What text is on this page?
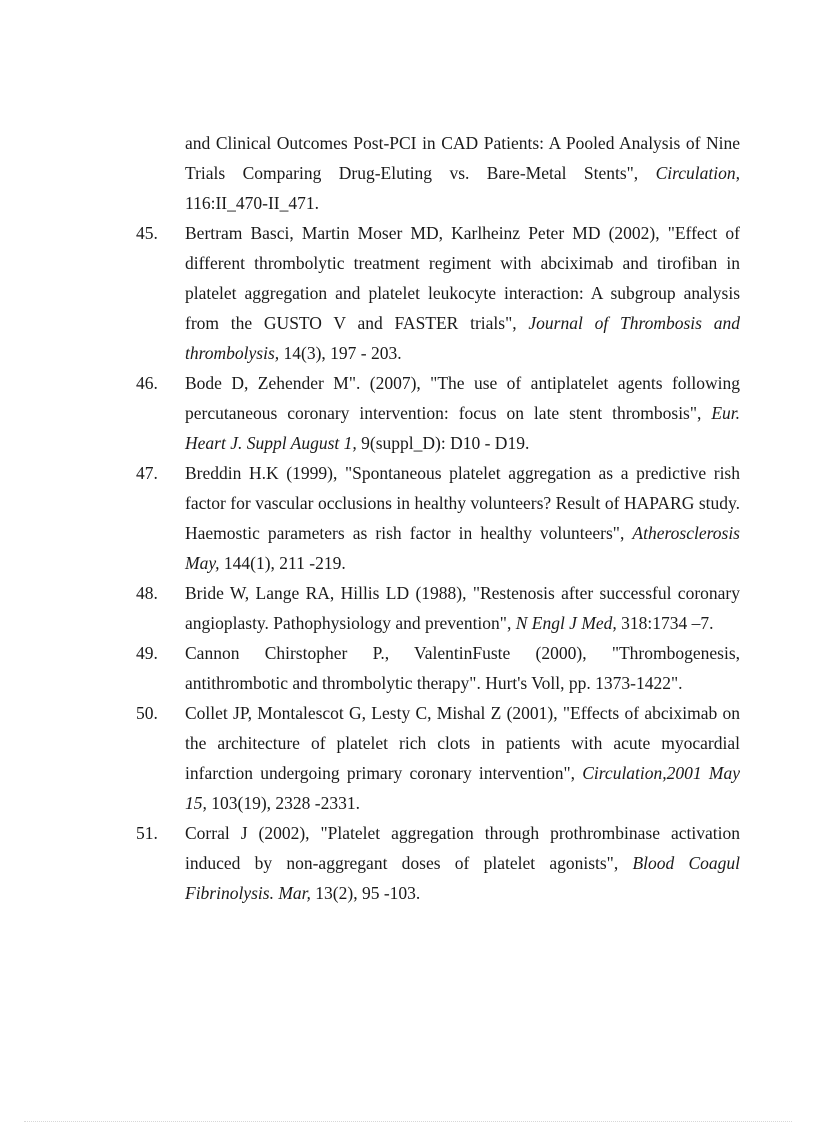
and Clinical Outcomes Post-PCI in CAD Patients: A Pooled Analysis of Nine Trials Comparing Drug-Eluting vs. Bare-Metal Stents", Circulation, 116:II_470-II_471.
45.	Bertram Basci, Martin Moser MD, Karlheinz Peter MD (2002), "Effect of different thrombolytic treatment regiment with abciximab and tirofiban in platelet aggregation and platelet leukocyte interaction: A subgroup analysis from the GUSTO V and FASTER trials", Journal of Thrombosis and thrombolysis, 14(3), 197 - 203.
46.	Bode D, Zehender M". (2007), "The use of antiplatelet agents following percutaneous coronary intervention: focus on late stent thrombosis", Eur. Heart J. Suppl August 1, 9(suppl_D): D10 - D19.
47.	Breddin H.K (1999), "Spontaneous platelet aggregation as a predictive rish factor for vascular occlusions in healthy volunteers? Result of HAPARG study. Haemostic parameters as rish factor in healthy volunteers", Atherosclerosis May, 144(1), 211 -219.
48.	Bride W, Lange RA, Hillis LD (1988), "Restenosis after successful coronary angioplasty. Pathophysiology and prevention", N Engl J Med, 318:1734 –7.
49.	Cannon Chirstopher P., ValentinFuste (2000), "Thrombogenesis, antithrombotic and thrombolytic therapy". Hurt's Voll, pp. 1373-1422".
50.	Collet JP, Montalescot G, Lesty C, Mishal Z (2001), "Effects of abciximab on the architecture of platelet rich clots in patients with acute myocardial infarction undergoing primary coronary intervention", Circulation,2001 May 15, 103(19), 2328 -2331.
51.	Corral J (2002), "Platelet aggregation through prothrombinase activation induced by non-aggregant doses of platelet agonists", Blood Coagul Fibrinolysis. Mar, 13(2), 95 -103.
